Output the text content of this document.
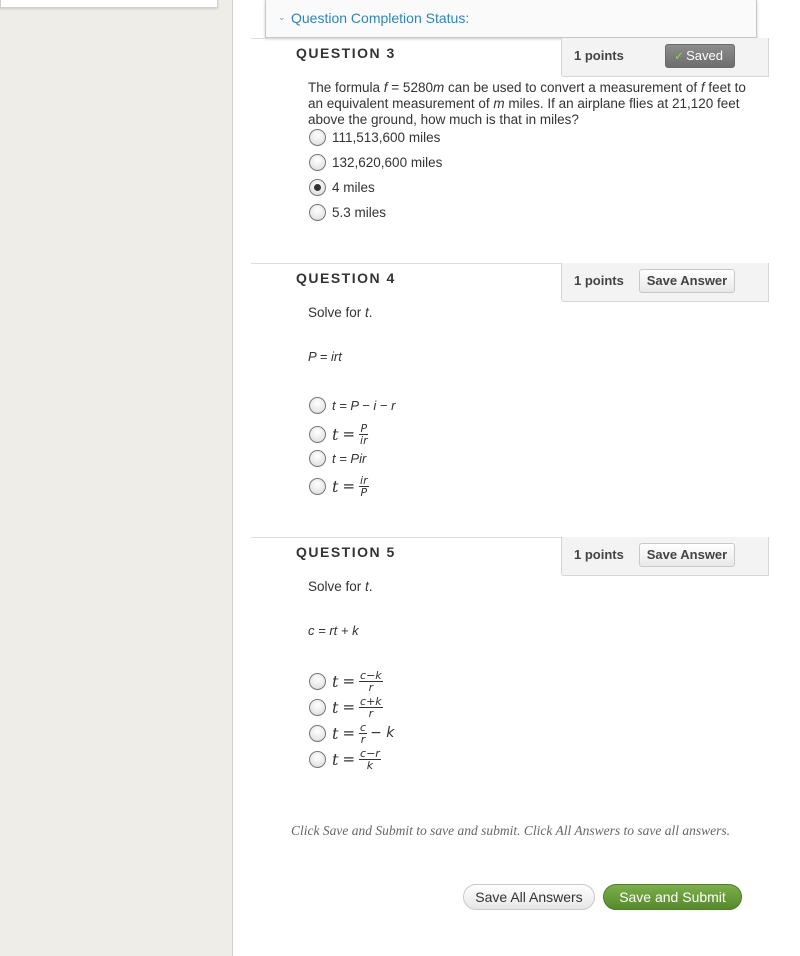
⌄ Question Completion Status:
QUESTION 3	1 points	✓ Saved
The formula f = 5280m can be used to convert a measurement of f feet to an equivalent measurement of m miles. If an airplane flies at 21,120 feet above the ground, how much is that in miles?
111,513,600 miles
132,620,600 miles
4 miles
5.3 miles
QUESTION 4	1 points	Save Answer
Solve for t.
P = irt
t = P − i − r
$t = \frac{P}{ir}$
t = Pir
$t = \frac{ir}{P}$
QUESTION 5	1 points	Save Answer
Solve for t.
c = rt + k
$t = \frac{c-k}{r}$
$t = \frac{c+k}{r}$
$t = \frac{c}{r} - k$
$t = \frac{c-r}{k}$
Click Save and Submit to save and submit. Click All Answers to save all answers.
Save All Answers	Save and Submit
